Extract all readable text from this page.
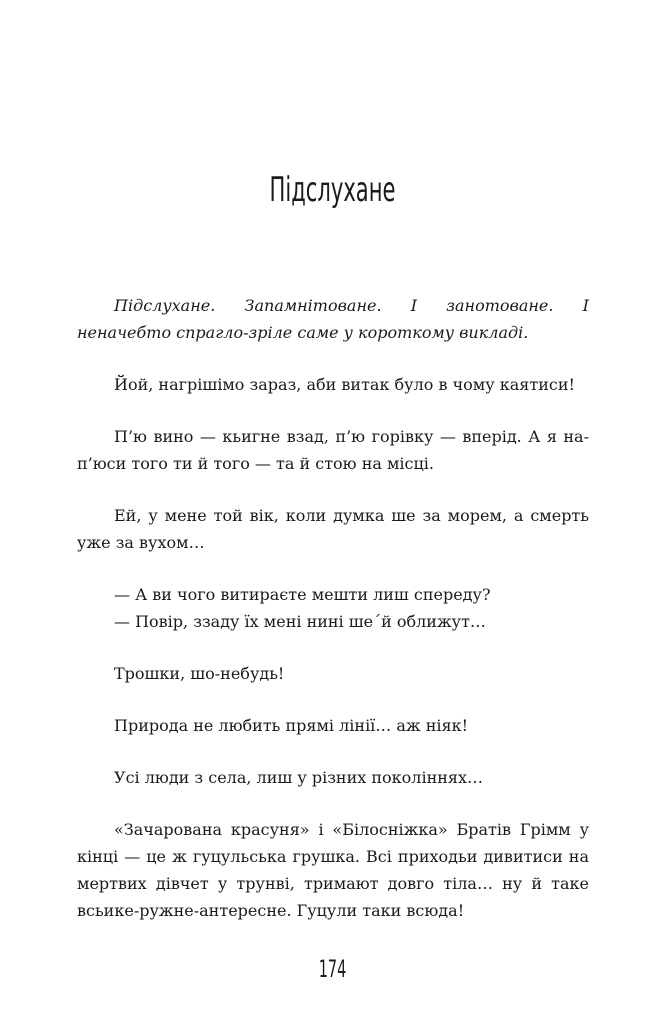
Підслухане

Підслухане. Запамнітоване. І занотоване. І неначебто спрагло-зріле саме у короткому викладі.

Йой, нагрішімо зараз, аби витак було в чому каятиси!

П’ю вино — кьигне взад, п’ю горівку — вперід. А я нап’юси того ти й того — та й стою на місці.

Ей, у мене той вік, коли думка ше за морем, а смерть уже за вухом…

— А ви чого витираєте мешти лиш спереду?
— Повір, ззаду їх мені нині шеˊй оближут…

Трошки, шо-небудь!

Природа не любить прямі лінії… аж ніяк!

Усі люди з села, лиш у різних поколіннях…

«Зачарована красуня» і «Білосніжка» Братів Грімм у кінці — це ж гуцульська грушка. Всі приходьи дивитиси на мертвих дівчет у трунві, тримают довго тіла… ну й таке всьике-ружне-антересне. Гуцули таки всюда!

174
